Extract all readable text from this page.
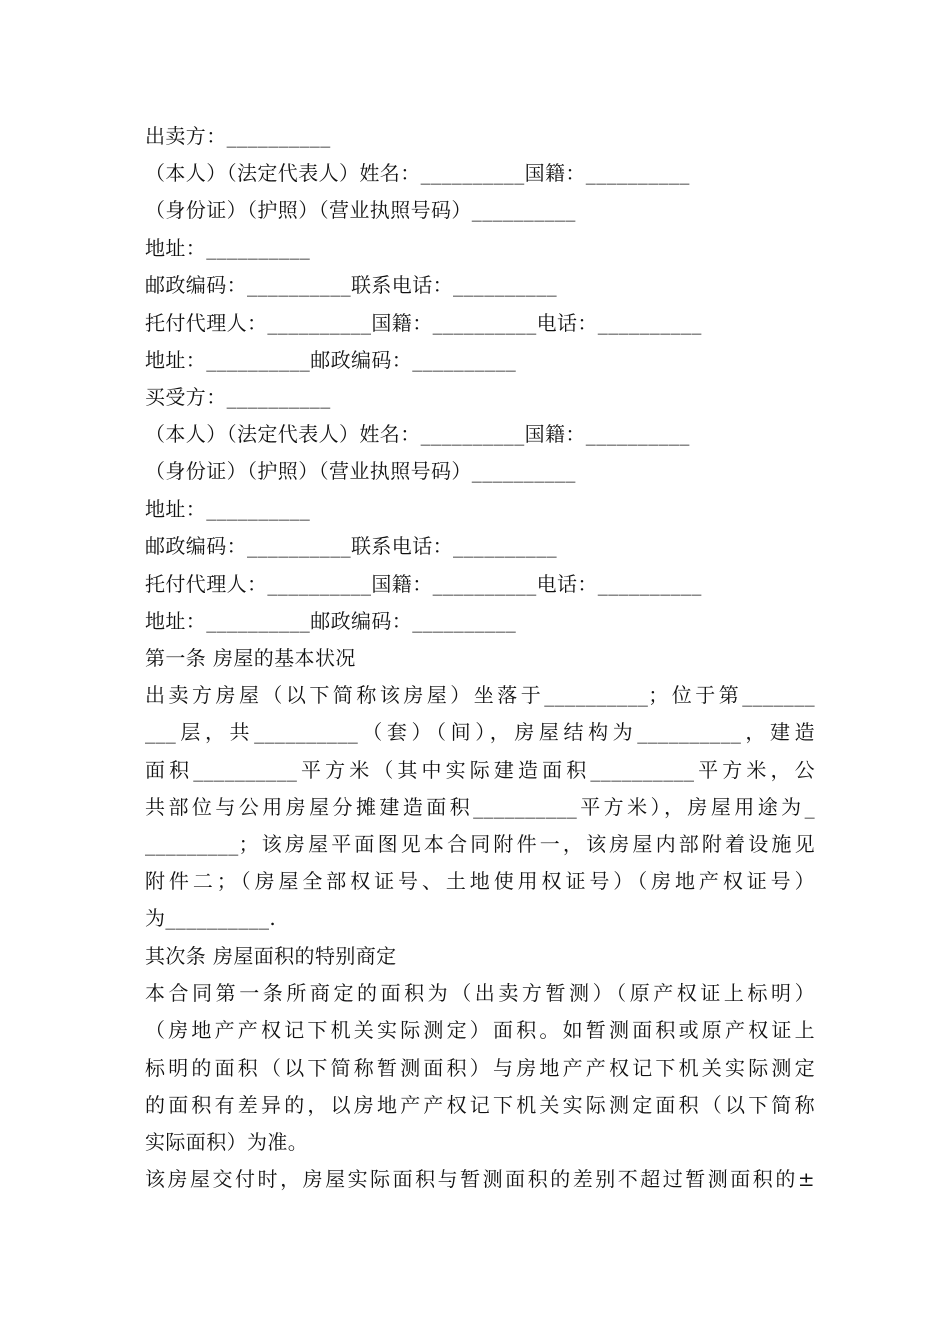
出卖方：__________
（本人）（法定代表人）姓名：__________国籍：__________
（身份证）（护照）（营业执照号码）__________
地址：__________
邮政编码：__________联系电话：__________
托付代理人：__________国籍：__________电话：__________
地址：__________邮政编码：__________
买受方：__________
（本人）（法定代表人）姓名：__________国籍：__________
（身份证）（护照）（营业执照号码）__________
地址：__________
邮政编码：__________联系电话：__________
托付代理人：__________国籍：__________电话：__________
地址：__________邮政编码：__________
第一条 房屋的基本状况
出卖方房屋（以下简称该房屋）坐落于__________；位于第_______
___层，共__________（套）（间），房屋结构为__________，建造
面积__________平方米（其中实际建造面积__________平方米，公
共部位与公用房屋分摊建造面积__________平方米），房屋用途为_
_________；该房屋平面图见本合同附件一，该房屋内部附着设施见
附件二；（房屋全部权证号、土地使用权证号）（房地产权证号）
为__________.
其次条 房屋面积的特别商定
本合同第一条所商定的面积为（出卖方暂测）（原产权证上标明）
（房地产产权记下机关实际测定）面积。如暂测面积或原产权证上
标明的面积（以下简称暂测面积）与房地产产权记下机关实际测定
的面积有差异的，以房地产产权记下机关实际测定面积（以下简称
实际面积）为准。
该房屋交付时，房屋实际面积与暂测面积的差别不超过暂测面积的±
